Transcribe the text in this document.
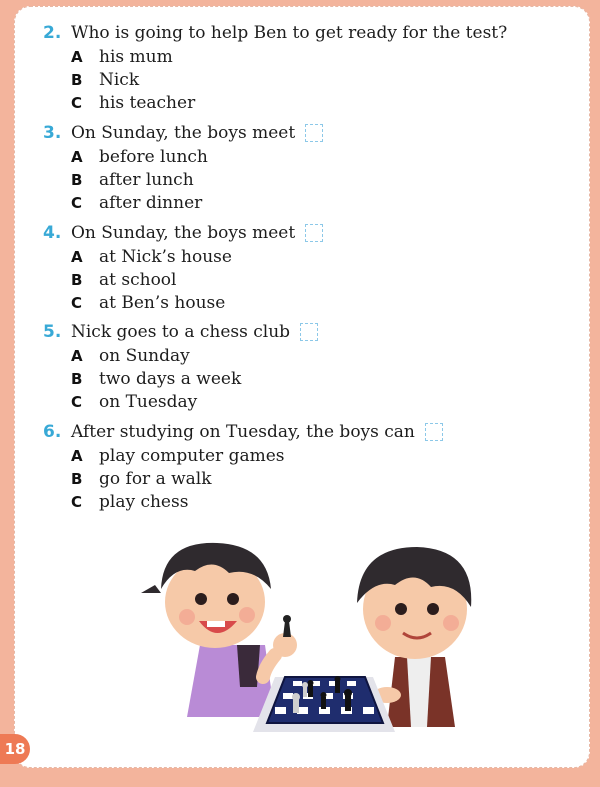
2. Who is going to help Ben to get ready for the test?
A his mum
B Nick
C his teacher
3. On Sunday, the boys meet
A before lunch
B after lunch
C after dinner
4. On Sunday, the boys meet
A at Nick’s house
B at school
C at Ben’s house
5. Nick goes to a chess club
A on Sunday
B two days a week
C on Tuesday
6. After studying on Tuesday, the boys can
A play computer games
B go for a walk
C play chess
18
